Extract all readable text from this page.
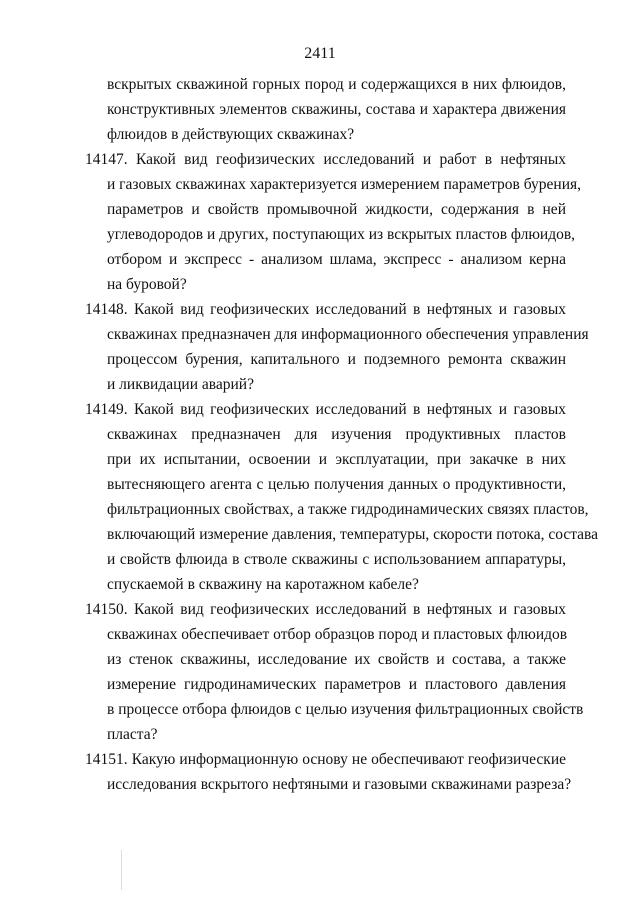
2411
вскрытых скважиной горных пород и содержащихся в них флюидов,
конструктивных элементов скважины, состава и характера движения
флюидов в действующих скважинах?
14147. Какой вид геофизических исследований и работ в нефтяных
и газовых скважинах характеризуется измерением параметров бурения,
параметров и свойств промывочной жидкости, содержания в ней
углеводородов и других, поступающих из вскрытых пластов флюидов,
отбором и экспресс - анализом шлама, экспресс - анализом керна
на буровой?
14148. Какой вид геофизических исследований в нефтяных и газовых
скважинах предназначен для информационного обеспечения управления
процессом бурения, капитального и подземного ремонта скважин
и ликвидации аварий?
14149. Какой вид геофизических исследований в нефтяных и газовых
скважинах предназначен для изучения продуктивных пластов
при их испытании, освоении и эксплуатации, при закачке в них
вытесняющего агента с целью получения данных о продуктивности,
фильтрационных свойствах, а также гидродинамических связях пластов,
включающий измерение давления, температуры, скорости потока, состава
и свойств флюида в стволе скважины с использованием аппаратуры,
спускаемой в скважину на каротажном кабеле?
14150. Какой вид геофизических исследований в нефтяных и газовых
скважинах обеспечивает отбор образцов пород и пластовых флюидов
из стенок скважины, исследование их свойств и состава, а также
измерение гидродинамических параметров и пластового давления
в процессе отбора флюидов с целью изучения фильтрационных свойств
пласта?
14151. Какую информационную основу не обеспечивают геофизические
исследования вскрытого нефтяными и газовыми скважинами разреза?
